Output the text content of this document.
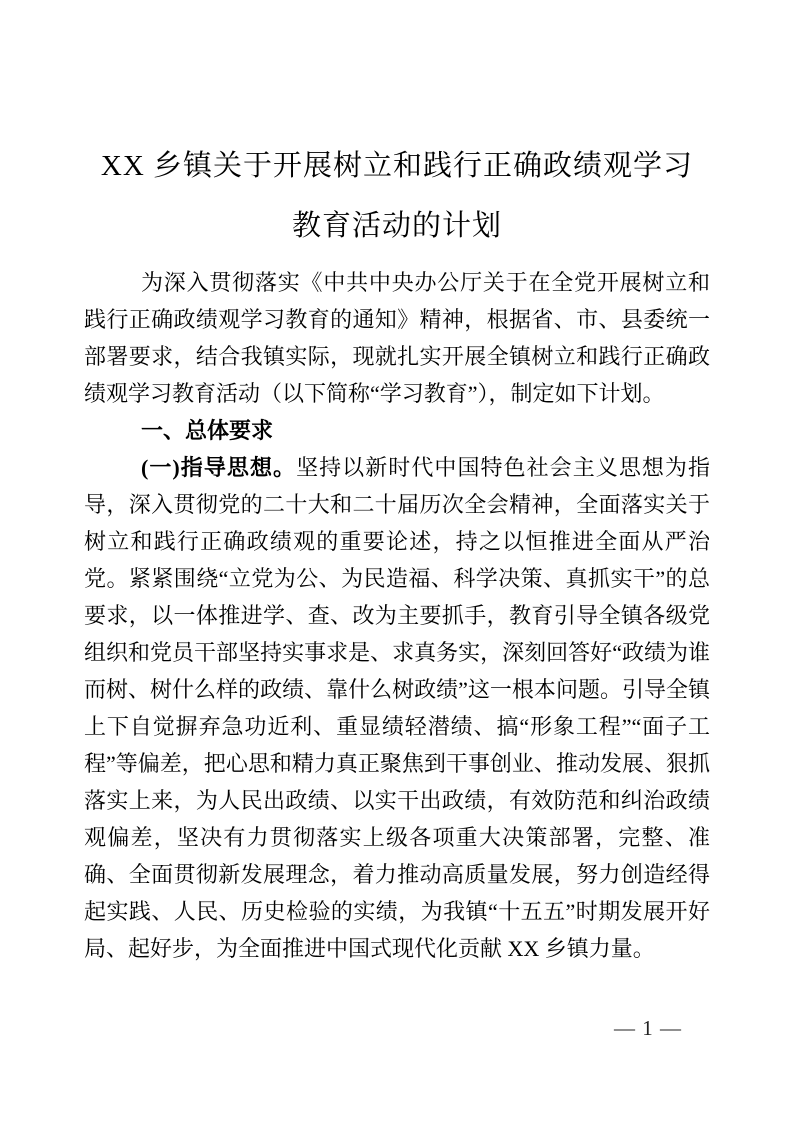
XX 乡镇关于开展树立和践行正确政绩观学习
教育活动的计划

为深入贯彻落实《中共中央办公厅关于在全党开展树立和践行正确政绩观学习教育的通知》精神，根据省、市、县委统一部署要求，结合我镇实际，现就扎实开展全镇树立和践行正确政绩观学习教育活动（以下简称“学习教育”），制定如下计划。

一、总体要求

(一)指导思想。坚持以新时代中国特色社会主义思想为指导，深入贯彻党的二十大和二十届历次全会精神，全面落实关于树立和践行正确政绩观的重要论述，持之以恒推进全面从严治党。紧紧围绕“立党为公、为民造福、科学决策、真抓实干”的总要求，以一体推进学、查、改为主要抓手，教育引导全镇各级党组织和党员干部坚持实事求是、求真务实，深刻回答好“政绩为谁而树、树什么样的政绩、靠什么树政绩”这一根本问题。引导全镇上下自觉摒弃急功近利、重显绩轻潜绩、搞“形象工程”“面子工程”等偏差，把心思和精力真正聚焦到干事创业、推动发展、狠抓落实上来，为人民出政绩、以实干出政绩，有效防范和纠治政绩观偏差，坚决有力贯彻落实上级各项重大决策部署，完整、准确、全面贯彻新发展理念，着力推动高质量发展，努力创造经得起实践、人民、历史检验的实绩，为我镇“十五五”时期发展开好局、起好步，为全面推进中国式现代化贡献 XX 乡镇力量。

— 1 —
